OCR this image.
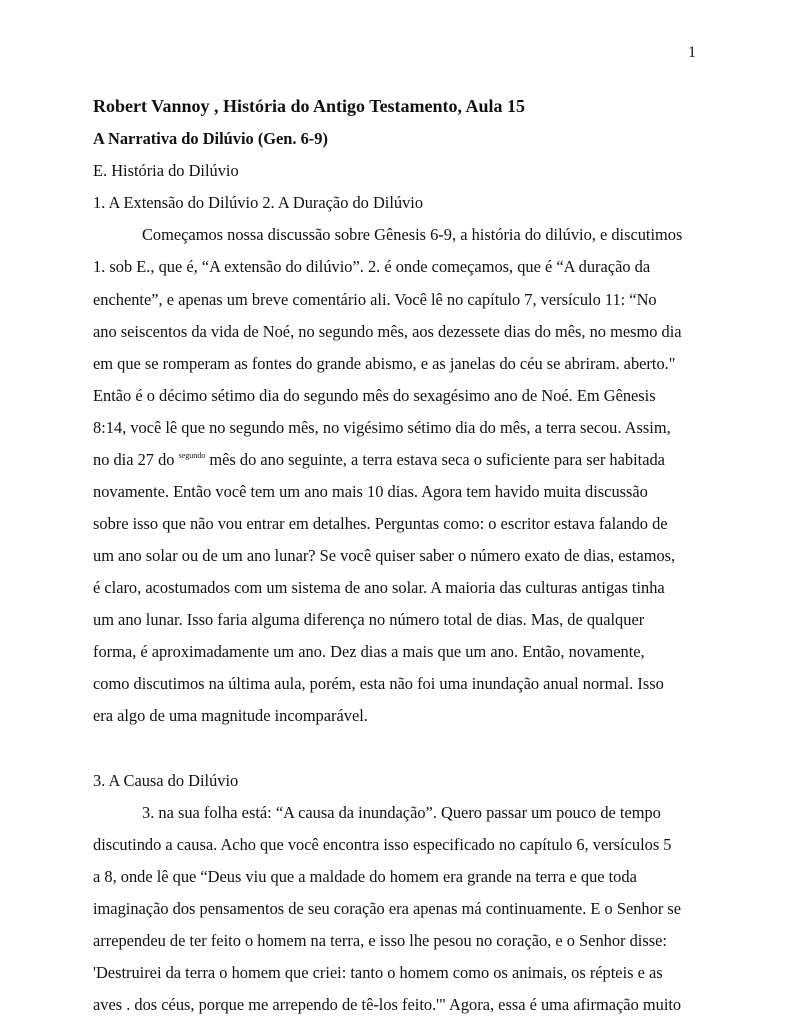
1
Robert Vannoy , História do Antigo Testamento, Aula 15
A Narrativa do Dilúvio (Gen. 6-9)
E. História do Dilúvio
1. A Extensão do Dilúvio 2. A Duração do Dilúvio
Começamos nossa discussão sobre Gênesis 6-9, a história do dilúvio, e discutimos
1. sob E., que é, “A extensão do dilúvio”. 2. é onde começamos, que é “A duração da
enchente”, e apenas um breve comentário ali. Você lê no capítulo 7, versículo 11: “No
ano seiscentos da vida de Noé, no segundo mês, aos dezessete dias do mês, no mesmo dia
em que se romperam as fontes do grande abismo, e as janelas do céu se abriram. aberto."
Então é o décimo sétimo dia do segundo mês do sexagésimo ano de Noé. Em Gênesis
8:14, você lê que no segundo mês, no vigésimo sétimo dia do mês, a terra secou. Assim,
no dia 27 do $^{segundo}$ mês do ano seguinte, a terra estava seca o suficiente para ser habitada
novamente. Então você tem um ano mais 10 dias. Agora tem havido muita discussão
sobre isso que não vou entrar em detalhes. Perguntas como: o escritor estava falando de
um ano solar ou de um ano lunar? Se você quiser saber o número exato de dias, estamos,
é claro, acostumados com um sistema de ano solar. A maioria das culturas antigas tinha
um ano lunar. Isso faria alguma diferença no número total de dias. Mas, de qualquer
forma, é aproximadamente um ano. Dez dias a mais que um ano. Então, novamente,
como discutimos na última aula, porém, esta não foi uma inundação anual normal. Isso
era algo de uma magnitude incomparável.
3. A Causa do Dilúvio
3. na sua folha está: “A causa da inundação”. Quero passar um pouco de tempo
discutindo a causa. Acho que você encontra isso especificado no capítulo 6, versículos 5
a 8, onde lê que “Deus viu que a maldade do homem era grande na terra e que toda
imaginação dos pensamentos de seu coração era apenas má continuamente. E o Senhor se
arrependeu de ter feito o homem na terra, e isso lhe pesou no coração, e o Senhor disse:
'Destruirei da terra o homem que criei: tanto o homem como os animais, os répteis e as
aves . dos céus, porque me arrependo de tê-los feito.'" Agora, essa é uma afirmação muito
